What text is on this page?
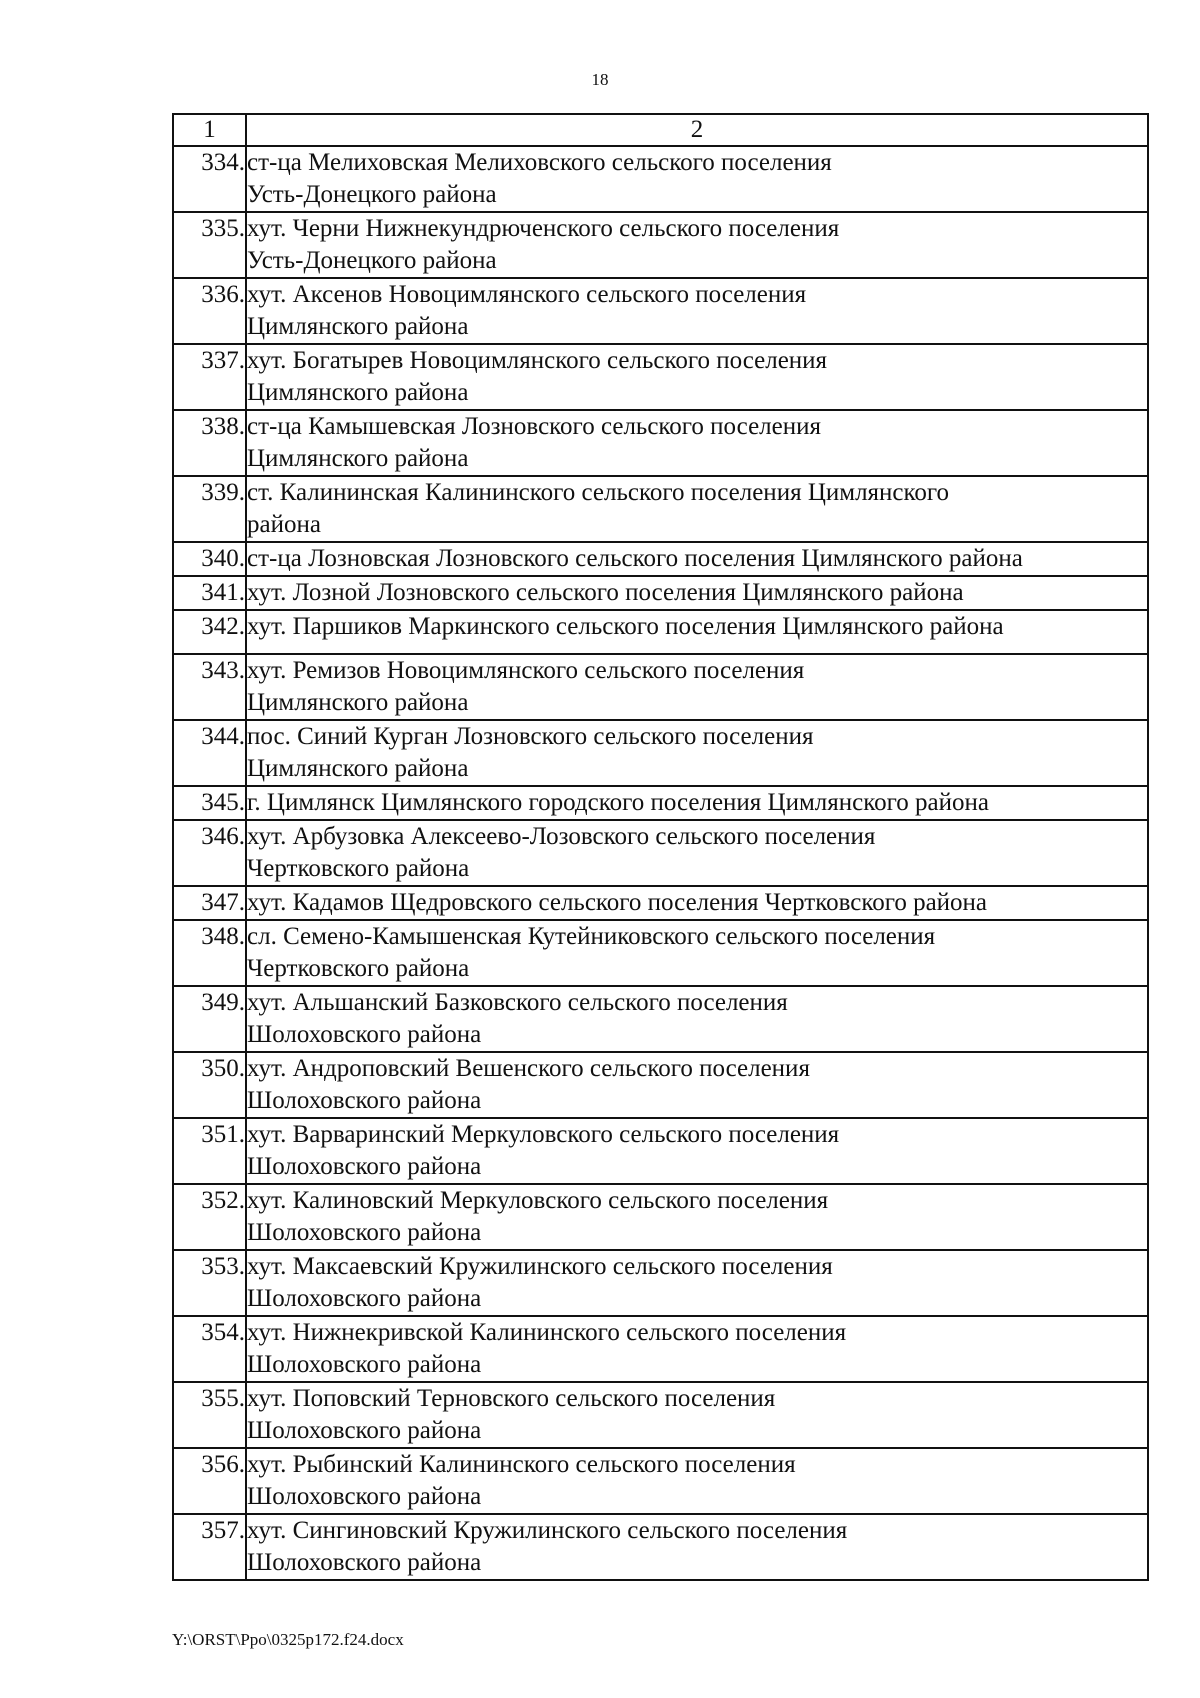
18
1	2
334.	ст-ца Мелиховская Мелиховского сельского поселения
Усть-Донецкого района
335.	хут. Черни Нижнекундрюченского сельского поселения
Усть-Донецкого района
336.	хут. Аксенов Новоцимлянского сельского поселения
Цимлянского района
337.	хут. Богатырев Новоцимлянского сельского поселения
Цимлянского района
338.	ст-ца Камышевская Лозновского сельского поселения
Цимлянского района
339.	ст. Калининская Калининского сельского поселения Цимлянского
района
340.	ст-ца Лозновская Лозновского сельского поселения Цимлянского района
341.	хут. Лозной Лозновского сельского поселения Цимлянского района
342.	хут. Паршиков Маркинского сельского поселения Цимлянского района
343.	хут. Ремизов Новоцимлянского сельского поселения
Цимлянского района
344.	пос. Синий Курган Лозновского сельского поселения
Цимлянского района
345.	г. Цимлянск Цимлянского городского поселения Цимлянского района
346.	хут. Арбузовка Алексеево-Лозовского сельского поселения
Чертковского района
347.	хут. Кадамов Щедровского сельского поселения Чертковского района
348.	сл. Семено-Камышенская Кутейниковского сельского поселения
Чертковского района
349.	хут. Альшанский Базковского сельского поселения
Шолоховского района
350.	хут. Андроповский Вешенского сельского поселения
Шолоховского района
351.	хут. Варваринский Меркуловского сельского поселения
Шолоховского района
352.	хут. Калиновский Меркуловского сельского поселения
Шолоховского района
353.	хут. Максаевский Кружилинского сельского поселения
Шолоховского района
354.	хут. Нижнекривской Калининского сельского поселения
Шолоховского района
355.	хут. Поповский Терновского сельского поселения
Шолоховского района
356.	хут. Рыбинский Калининского сельского поселения
Шолоховского района
357.	хут. Сингиновский Кружилинского сельского поселения
Шолоховского района
Y:\ORST\Ppo\0325p172.f24.docx
